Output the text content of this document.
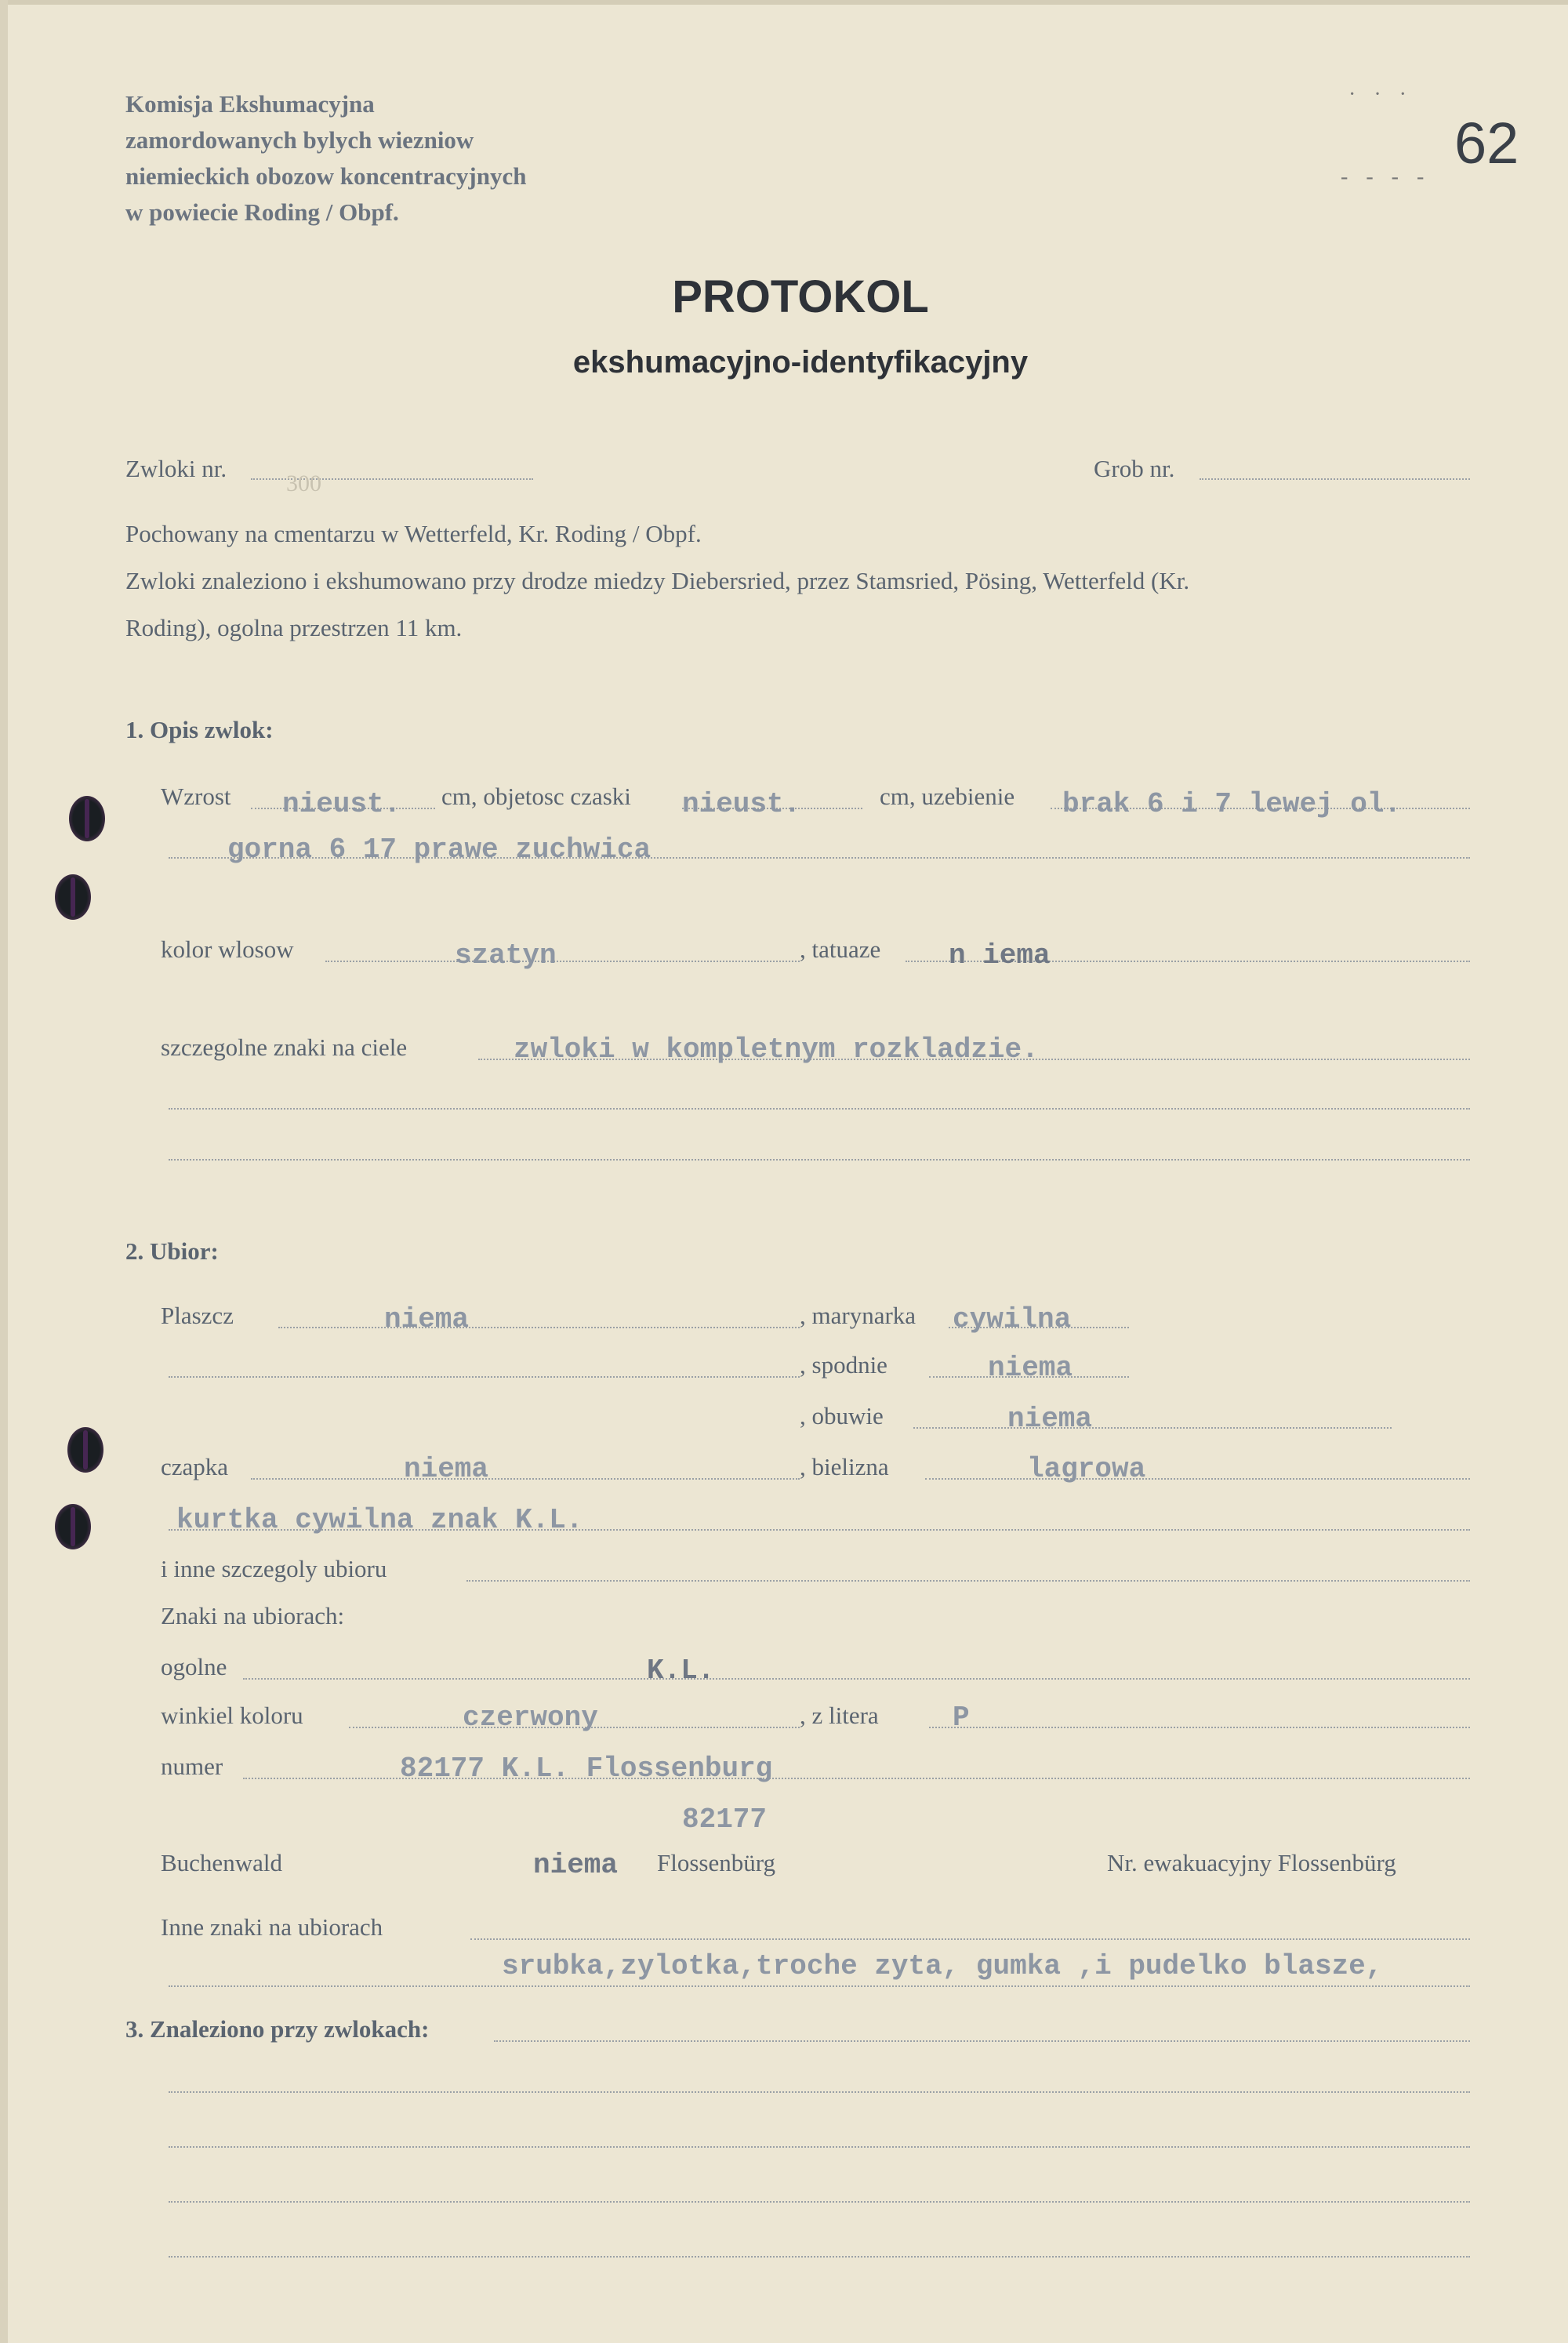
Komisja Ekshumacyjna
zamordowanych bylych wiezniow
niemieckich obozow koncentracyjnych
w powiecie Roding / Obpf.
· · ·
- - - -
62
PROTOKOL
ekshumacyjno-identyfikacyjny
Zwloki nr.
300
Grob nr.
Pochowany na cmentarzu w Wetterfeld, Kr. Roding / Obpf.
Zwloki znaleziono i ekshumowano przy drodze miedzy Diebersried, przez Stamsried, Pösing, Wetterfeld (Kr.
Roding), ogolna przestrzen 11 km.
1. Opis zwlok:
Wzrost nieust. cm, objetosc czaski nieust.	cm, uzebienie brak 6 i 7 lewej ol.
gorna 6 17 prawe zuchwica
kolor wlosow	szatyn	, tatuaze n iema
szczegolne znaki na ciele	zwloki w kompletnym rozkladzie.
2. Ubior:
Plaszcz	niema	, marynarka cywilna
, spodnie	niema
, obuwie	niema
czapka	niema	, bielizna	lagrowa
kurtka cywilna znak K.L.
i inne szczegoly ubioru
Znaki na ubiorach:
ogolne	K.L.
winkiel koloru	czerwony	, z litera	P
numer	82177 K.L. Flossenburg
82177
Buchenwald	niema Flossenbürg	Nr. ewakuacyjny Flossenbürg
Inne znaki na ubiorach
srubka,zylotka,troche zyta, gumka ,i pudelko blasze,
3. Znaleziono przy zwlokach:
